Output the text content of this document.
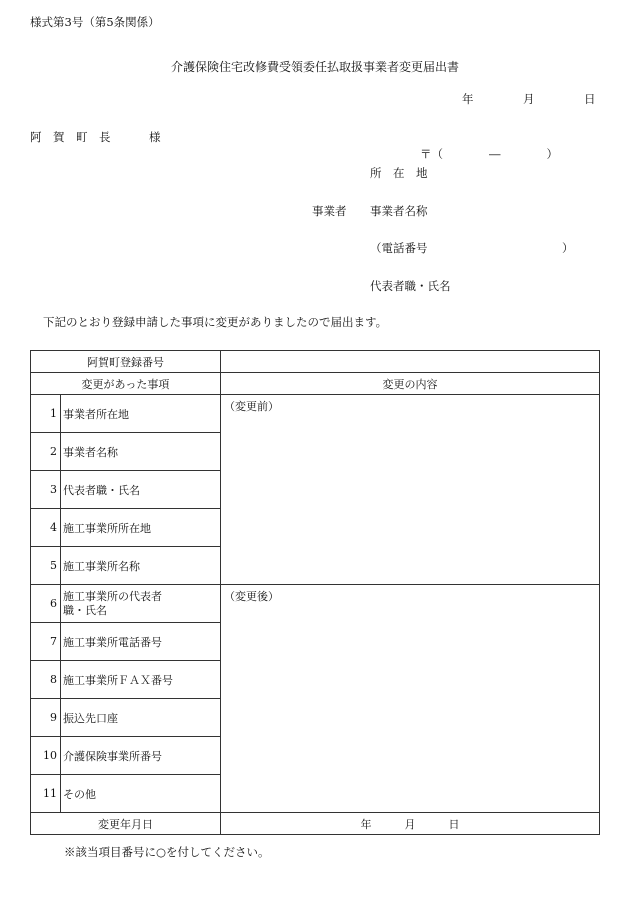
様式第3号（第5条関係）
介護保険住宅改修費受領委任払取扱事業者変更届出書
年	月	日
阿　賀　町　長	様
〒（　　　　―　　　　）
所　在　地
事業者 事業者名称
（電話番号	）
代表者職・氏名
下記のとおり登録申請した事項に変更がありましたので届出ます。
阿賀町登録番号		
変更があった事項		変更の内容
1	事業者所在地	（変更前）

2	事業者名称	
3	代表者職・氏名	
4	施工事業所所在地	
5	施工事業所名称	
6	施工事業所の代表者
職・氏名	（変更後）

7	施工事業所電話番号	
8	施工事業所ＦＡＸ番号	
9	振込先口座	
10	介護保険事業所番号	
11	その他	
変更年月日		年　　　月　　　日
※該当項目番号に○を付してください。
